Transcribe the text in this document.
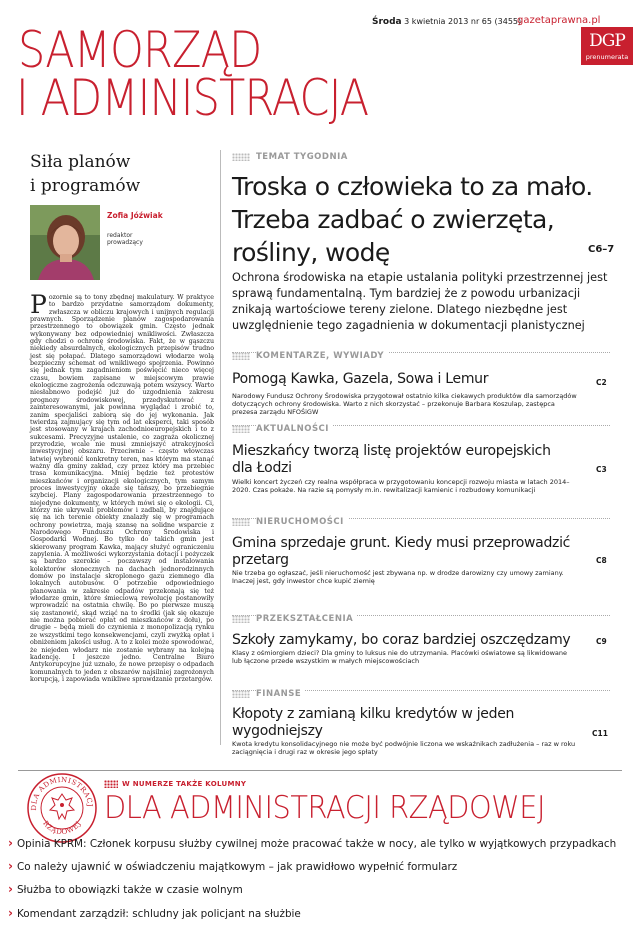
Środa 3 kwietnia 2013 nr 65 (3455)
gazetaprawna.pl
DGP
prenumerata
SAMORZĄD
I ADMINISTRACJA
Siła planów
i programów
Zofia Jóźwiak
redaktor prowadzący
P ozornie są to tony zbędnej makulatury. W praktyce to bardzo przydatne samorządom dokumenty, zwłaszcza w obliczu krajowych i unijnych regulacji prawnych. Sporządzenie planów zagospodarowania przestrzennego to obowiązek gmin. Często jednak wykonywany bez odpowiedniej wnikliwości. Zwłaszcza gdy chodzi o ochronę środowiska. Fakt, że w gąszczu niekiedy absurdalnych, ekologicznych przepisów trudno jest się połapać. Dlatego samorządowi włodarze wolą bezpieczny schemat od wnikliwego spojrzenia. Powinno się jednak tym zagadnieniom poświęcić nieco więcej czasu, bowiem zapisane w miejscowym prawie ekologiczne zagrożenia odczuwają potem wszyscy. Warto niesłabnowo podejść już do uzgodnienia zakresu prognozy środowiskowej, przedyskutować z zainteresowanymi, jak powinna wyglądać i zrobić to, zanim specjaliści zabiorą się do jej wykonania. Jak twierdzą zajmujący się tym od lat eksperci, taki sposób jest stosowany w krajach zachodnioeuropejskich i to z sukcesami. Precyzyjne ustalenie, co zagraża okolicznej przyrodzie, wcale nie musi zmniejszyć atrakcyjności inwestycyjnej obszaru. Przeciwnie – często włowczas łatwiej wybronić konkretny teren, nas którym ma stanąć ważny dla gminy zakład, czy przez który ma przebiec trasa komunikacyjna. Mniej będzie też protestów mieszkańców i organizacji ekologicznych, tym samym proces inwestycyjny okaże się tańszy, bo przebiegnie szybciej. Plany zagospodarowania przestrzennego to niejedyne dokumenty, w których mówi się o ekologii. Ci, którzy nie ukrywali problemów i zadbali, by znajdujące się na ich terenie obiekty znalazły się w programach ochrony powietrza, mają szansę na solidne wsparcie z Narodowego Funduszu Ochrony Środowiska i Gospodarki Wodnej. Bo tylko do takich gmin jest skierowany program Kawka, mający służyć ograniczeniu zapylenia. A możliwości wykorzystania dotacji i pożyczek są bardzo szerokie – poczawszy od instalowania kolektorów słonecznych na dachach jednorodzinnych domów po instalacje skroplonego gazu ziemnego dla lokalnych autobusów. O potrzebie odpowiedniego planowania w zakresie odpadów przekonają się też włodarze gmin, które śmieciową rewolucję postanowiły wprowadzić na ostatnia chwilę. Bo po pierwsze muszą się zastanowić, skąd wziąć na to środki (jak się okazuje nie można pobierać opłat od mieszkańców z dołu), po drugie – będą mieli do czynienia z monopolizacją rynku ze wszystkimi tego konsekwencjami, czyli zwyżką opłat i obniżeniem jakości usług. A to z kolei może spowodować, że niejeden włodarz nie zostanie wybrany na kolejną kadencję. I jeszcze jedno. Centralne Biuro Antykorupcyjne już uznało, że nowe przepisy o odpadach komunalnych to jeden z obszarów najsilniej zagrożonych korupcją, i zapowiada wnikliwe sprawdzanie przetargów.
TEMAT TYGODNIA
Troska o człowieka to za mało. Trzeba zadbać o zwierzęta, rośliny, wodę	C6–7
Ochrona środowiska na etapie ustalania polityki przestrzennej jest sprawą fundamentalną. Tym bardziej że z powodu urbanizacji znikają wartościowe tereny zielone. Dlatego niezbędne jest uwzględnienie tego zagadnienia w dokumentacji planistycznej
KOMENTARZE, WYWIADY
Pomogą Kawka, Gazela, Sowa i Lemur	C2
Narodowy Fundusz Ochrony Środowiska przygotował ostatnio kilka ciekawych produktów dla samorządów dotyczących ochrony środowiska. Warto z nich skorzystać – przekonuje Barbara Koszulap, zastępca prezesa zarządu NFOŚiGW
AKTUALNOŚCI
Mieszkańcy tworzą listę projektów europejskich dla Łodzi	C3
Wielki koncert życzeń czy realna współpraca w przygotowaniu koncepcji rozwoju miasta w latach 2014–2020. Czas pokaże. Na razie są pomysły m.in. rewitalizacji kamienic i rozbudowy komunikacji
NIERUCHOMOŚCI
Gmina sprzedaje grunt. Kiedy musi przeprowadzić przetarg	C8
Nie trzeba go ogłaszać, jeśli nieruchomość jest zbywana np. w drodze darowizny czy umowy zamiany. Inaczej jest, gdy inwestor chce kupić ziemię
PRZEKSZTAŁCENIA
Szkoły zamykamy, bo coraz bardziej oszczędzamy	C9
Klasy z ośmiorgiem dzieci? Dla gminy to luksus nie do utrzymania. Placówki oświatowe są likwidowane lub łączone przede wszystkim w małych miejscowościach
FINANSE
Kłopoty z zamianą kilku kredytów w jeden wygodniejszy	C11
Kwota kredytu konsolidacyjnego nie może być podwójnie liczona we wskaźnikach zadłużenia – raz w roku zaciągnięcia i drugi raz w okresie jego spłaty
DLA ADMINISTRACJ
RZĄDOWEJ
W NUMERZE TAKŻE KOLUMNY
DLA ADMINISTRACJI RZĄDOWEJ
› Opinia KPRM: Członek korpusu służby cywilnej może pracować także w nocy, ale tylko w wyjątkowych przypadkach
› Co należy ujawnić w oświadczeniu majątkowym – jak prawidłowo wypełnić formularz
› Służba to obowiązki także w czasie wolnym
› Komendant zarządził: schludny jak policjant na służbie
